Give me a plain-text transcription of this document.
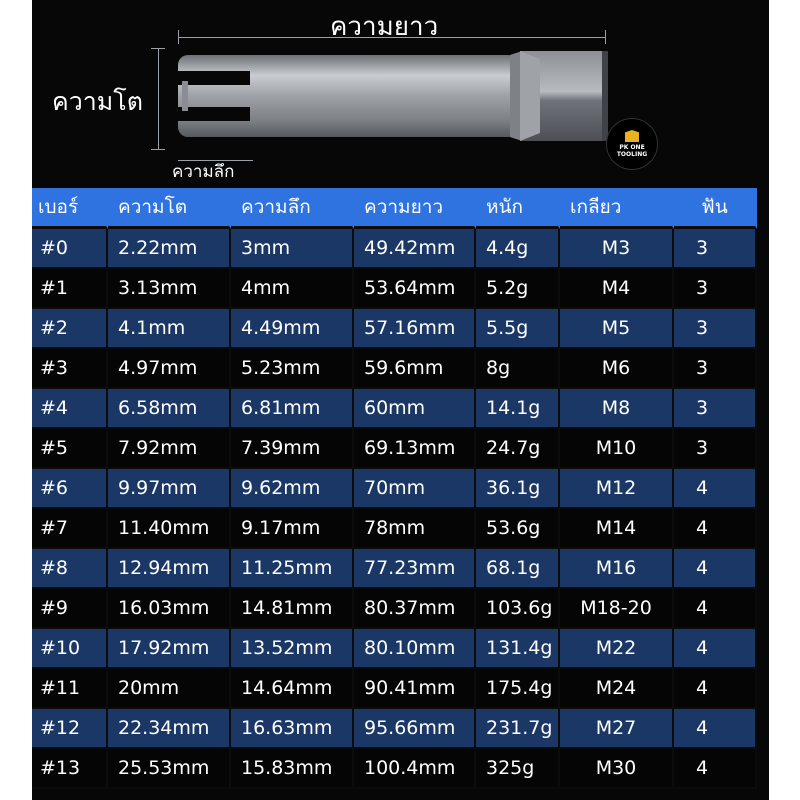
ความยาว
ความโต
ความลึก
PK ONE
TOOLING
เบอร์	ความโต	ความลึก	ความยาว	หนัก	เกลียว	ฟัน
#0	2.22mm	3mm	49.42mm	4.4g	M3	3
#1	3.13mm	4mm	53.64mm	5.2g	M4	3
#2	4.1mm	4.49mm	57.16mm	5.5g	M5	3
#3	4.97mm	5.23mm	59.6mm	8g	M6	3
#4	6.58mm	6.81mm	60mm	14.1g	M8	3
#5	7.92mm	7.39mm	69.13mm	24.7g	M10	3
#6	9.97mm	9.62mm	70mm	36.1g	M12	4
#7	11.40mm	9.17mm	78mm	53.6g	M14	4
#8	12.94mm	11.25mm	77.23mm	68.1g	M16	4
#9	16.03mm	14.81mm	80.37mm	103.6g	M18-20	4
#10	17.92mm	13.52mm	80.10mm	131.4g	M22	4
#11	20mm	14.64mm	90.41mm	175.4g	M24	4
#12	22.34mm	16.63mm	95.66mm	231.7g	M27	4
#13	25.53mm	15.83mm	100.4mm	325g	M30	4
